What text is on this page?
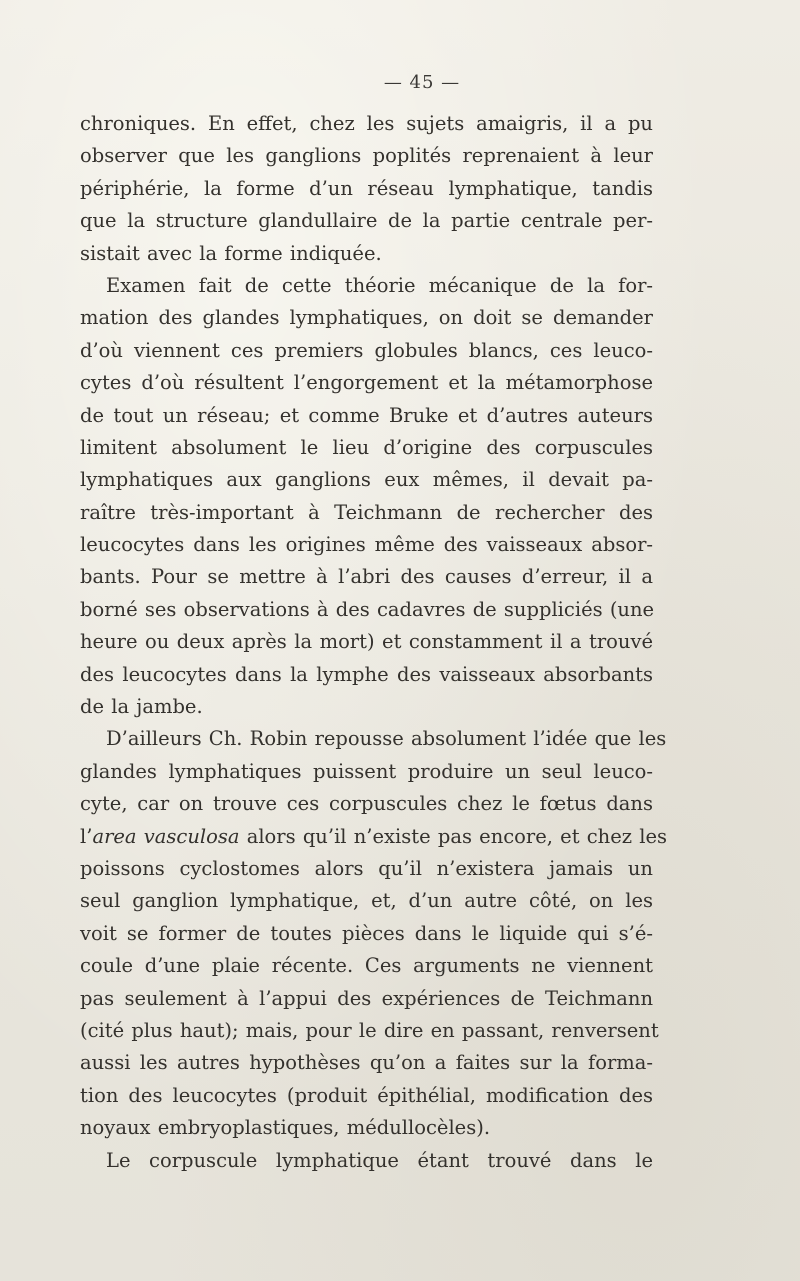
— 45 —
chroniques. En effet, chez les sujets amaigris, il a pu
observer que les ganglions poplités reprenaient à leur
périphérie, la forme d’un réseau lymphatique, tandis
que la structure glandullaire de la partie centrale per-
sistait avec la forme indiquée.
Examen fait de cette théorie mécanique de la for-
mation des glandes lymphatiques, on doit se demander
d’où viennent ces premiers globules blancs, ces leuco-
cytes d’où résultent l’engorgement et la métamorphose
de tout un réseau; et comme Bruke et d’autres auteurs
limitent absolument le lieu d’origine des corpuscules
lymphatiques aux ganglions eux mêmes, il devait pa-
raître très-important à Teichmann de rechercher des
leucocytes dans les origines même des vaisseaux absor-
bants. Pour se mettre à l’abri des causes d’erreur, il a
borné ses observations à des cadavres de suppliciés (une
heure ou deux après la mort) et constamment il a trouvé
des leucocytes dans la lymphe des vaisseaux absorbants
de la jambe.
D’ailleurs Ch. Robin repousse absolument l’idée que les
glandes lymphatiques puissent produire un seul leuco-
cyte, car on trouve ces corpuscules chez le fœtus dans
l’area vasculosa alors qu’il n’existe pas encore, et chez les
poissons cyclostomes alors qu’il n’existera jamais un
seul ganglion lymphatique, et, d’un autre côté, on les
voit se former de toutes pièces dans le liquide qui s’é-
coule d’une plaie récente. Ces arguments ne viennent
pas seulement à l’appui des expériences de Teichmann
(cité plus haut); mais, pour le dire en passant, renversent
aussi les autres hypothèses qu’on a faites sur la forma-
tion des leucocytes (produit épithélial, modification des
noyaux embryoplastiques, médullocèles).
Le corpuscule lymphatique étant trouvé dans le
